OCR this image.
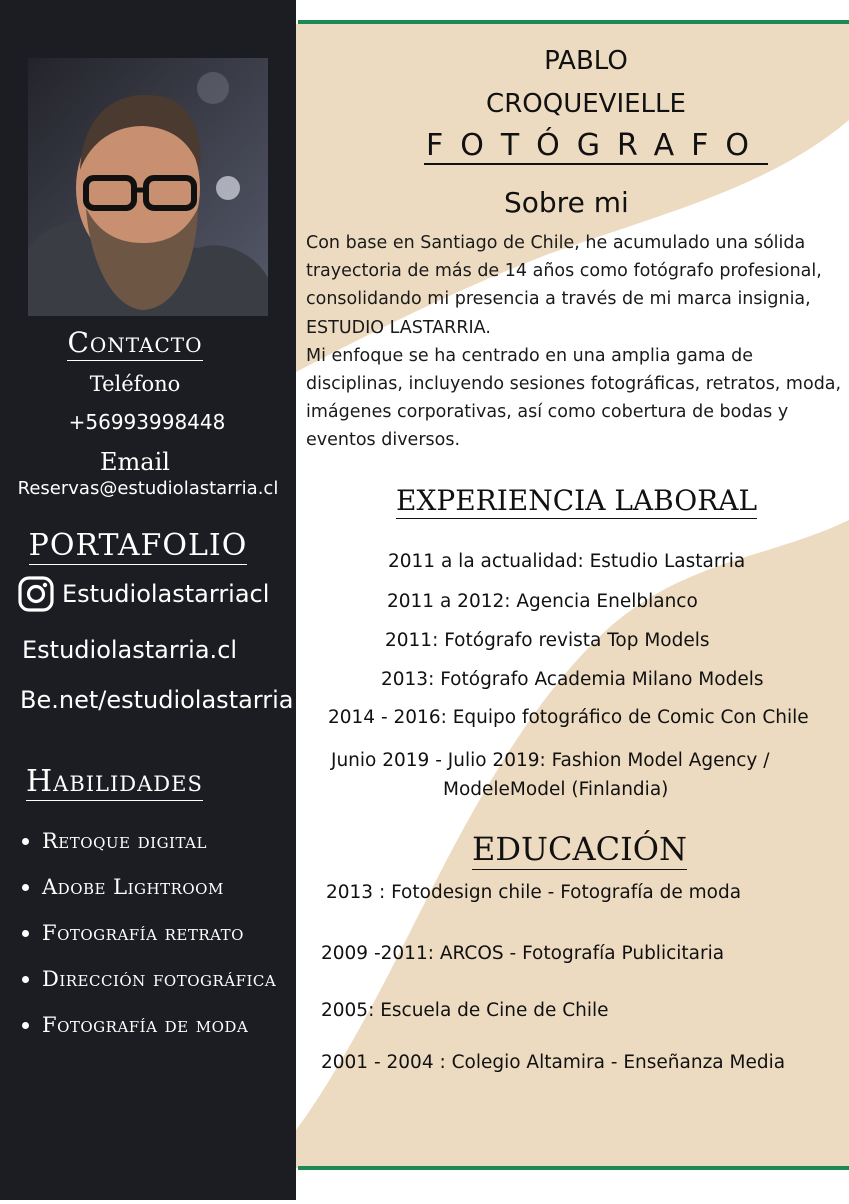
Contacto
Teléfono
+56993998448
Email
Reservas@estudiolastarria.cl
PORTAFOLIO
Estudiolastarriacl
Estudiolastarria.cl
Be.net/estudiolastarria
Habilidades
Retoque digital
Adobe Lightroom
Fotografía retrato
Dirección fotográfica
Fotografía de moda
PABLO
CROQUEVIELLE
FOTÓGRAFO
Sobre mi
Con base en Santiago de Chile, he acumulado una sólida trayectoria de más de 14 años como fotógrafo profesional, consolidando mi presencia a través de mi marca insignia, ESTUDIO LASTARRIA.
Mi enfoque se ha centrado en una amplia gama de disciplinas, incluyendo sesiones fotográficas, retratos, moda, imágenes corporativas, así como cobertura de bodas y eventos diversos.
EXPERIENCIA LABORAL
2011 a la actualidad: Estudio Lastarria
2011 a 2012: Agencia Enelblanco
2011: Fotógrafo revista Top Models
2013: Fotógrafo Academia Milano Models
2014 - 2016: Equipo fotográfico de Comic Con Chile
Junio 2019 - Julio 2019: Fashion Model Agency /
ModeleModel (Finlandia)
EDUCACIÓN
2013 : Fotodesign chile - Fotografía de moda
2009 -2011: ARCOS - Fotografía Publicitaria
2005: Escuela de Cine de Chile
2001 - 2004 : Colegio Altamira - Enseñanza Media
